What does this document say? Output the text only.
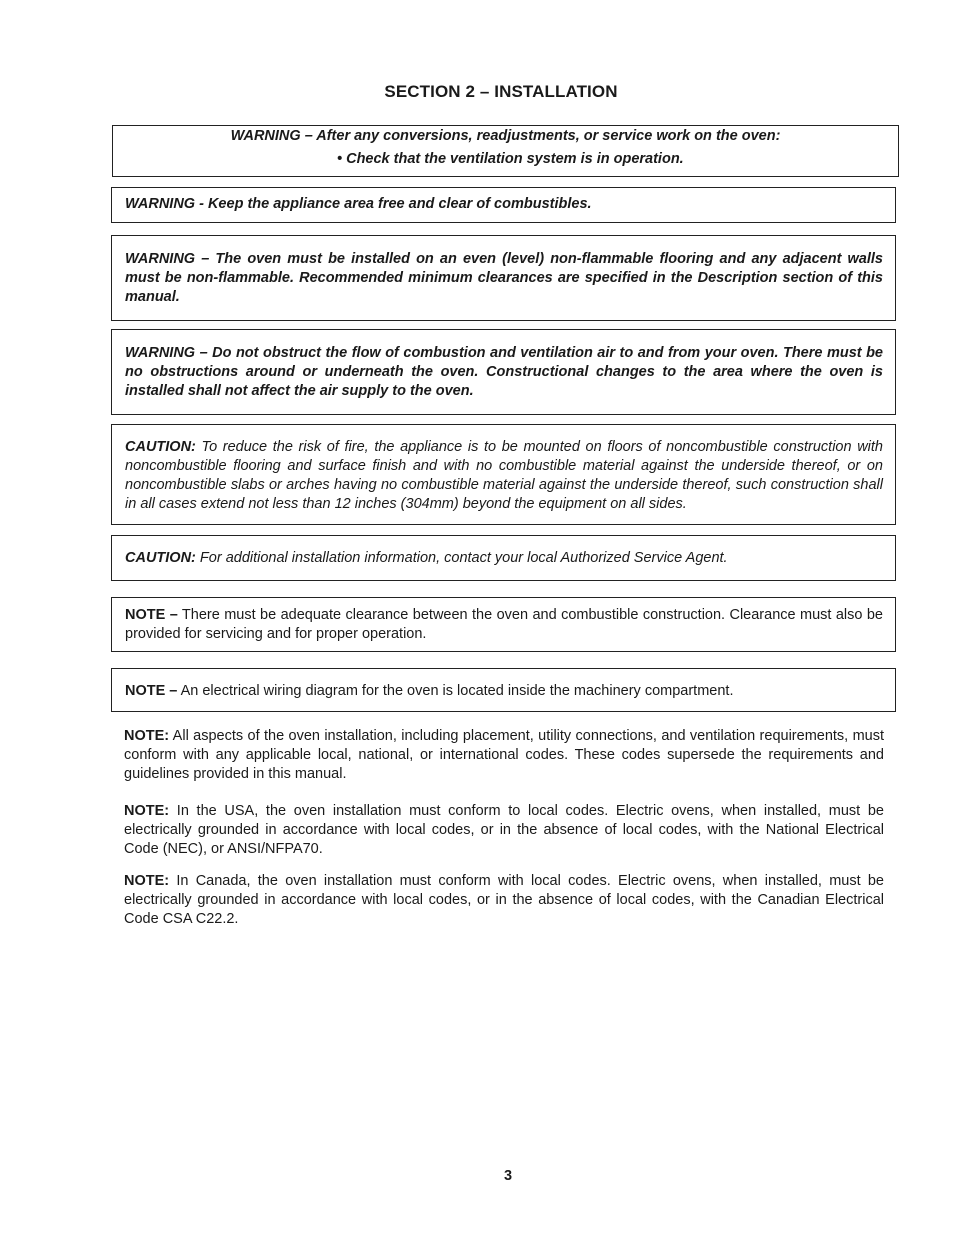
SECTION 2 – INSTALLATION
WARNING – After any conversions, readjustments, or service work on the oven:
• Check that the ventilation system is in operation.
WARNING - Keep the appliance area free and clear of combustibles.
WARNING – The oven must be installed on an even (level) non-flammable flooring and any adjacent walls must be non-flammable. Recommended minimum clearances are specified in the Description section of this manual.
WARNING – Do not obstruct the flow of combustion and ventilation air to and from your oven. There must be no obstructions around or underneath the oven. Constructional changes to the area where the oven is installed shall not affect the air supply to the oven.
CAUTION: To reduce the risk of fire, the appliance is to be mounted on floors of noncombustible construction with noncombustible flooring and surface finish and with no combustible material against the underside thereof, or on noncombustible slabs or arches having no combustible material against the underside thereof, such construction shall in all cases extend not less than 12 inches (304mm) beyond the equipment on all sides.
CAUTION: For additional installation information, contact your local Authorized Service Agent.
NOTE – There must be adequate clearance between the oven and combustible construction. Clearance must also be provided for servicing and for proper operation.
NOTE – An electrical wiring diagram for the oven is located inside the machinery compartment.
NOTE: All aspects of the oven installation, including placement, utility connections, and ventilation requirements, must conform with any applicable local, national, or international codes. These codes supersede the requirements and guidelines provided in this manual.
NOTE: In the USA, the oven installation must conform to local codes. Electric ovens, when installed, must be electrically grounded in accordance with local codes, or in the absence of local codes, with the National Electrical Code (NEC), or ANSI/NFPA70.
NOTE: In Canada, the oven installation must conform with local codes. Electric ovens, when installed, must be electrically grounded in accordance with local codes, or in the absence of local codes, with the Canadian Electrical Code CSA C22.2.
3
